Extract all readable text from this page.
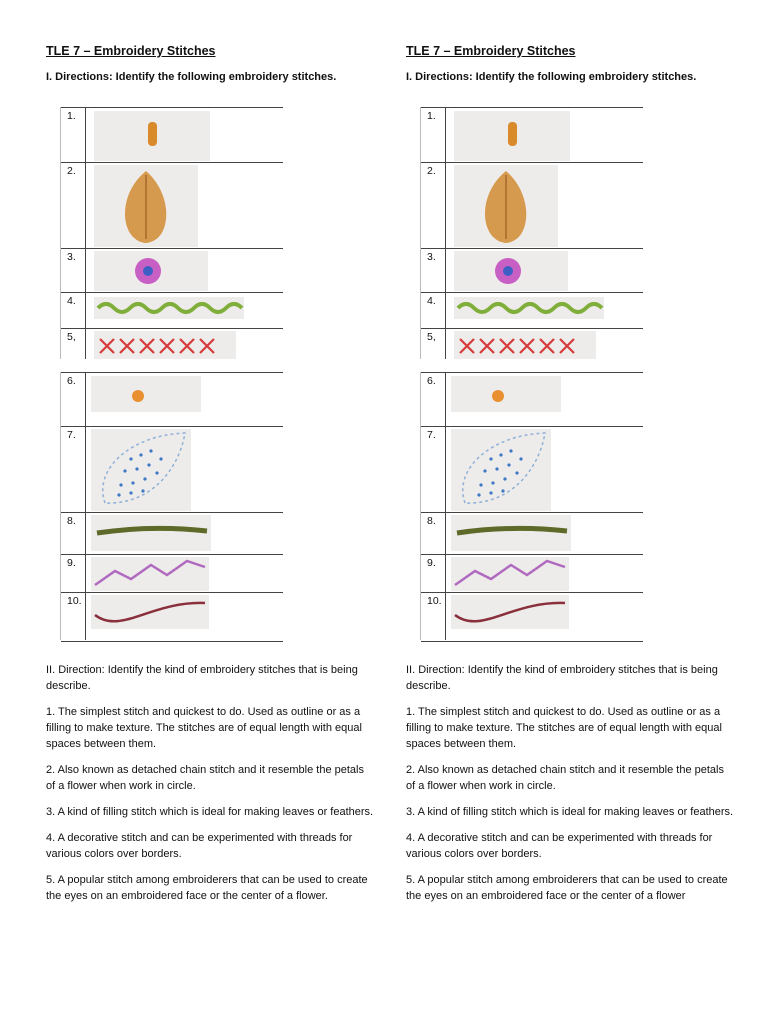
TLE 7 – Embroidery Stitches
I. Directions: Identify the following embroidery stitches.
1.
2.
3.
4.
5,
6.
7.
8.
9.
10.

II. Direction: Identify the kind of embroidery stitches that is being describe.

1. The simplest stitch and quickest to do. Used as outline or as a filling to make texture. The stitches are of equal length with equal spaces between them.

2. Also known as detached chain stitch and it resemble the petals of a flower when work in circle.

3. A kind of filling stitch which is ideal for making leaves or feathers.

4. A decorative stitch and can be experimented with threads for various colors over borders.

5. A popular stitch among embroiderers that can be used to create the eyes on an embroidered face or the center of a flower.

TLE 7 – Embroidery Stitches
I. Directions: Identify the following embroidery stitches.
1.
2.
3.
4.
5,
6.
7.
8.
9.
10.

II. Direction: Identify the kind of embroidery stitches that is being describe.

1. The simplest stitch and quickest to do. Used as outline or as a filling to make texture. The stitches are of equal length with equal spaces between them.

2. Also known as detached chain stitch and it resemble the petals of a flower when work in circle.

3. A kind of filling stitch which is ideal for making leaves or feathers.

4. A decorative stitch and can be experimented with threads for various colors over borders.

5. A popular stitch among embroiderers that can be used to create the eyes on an embroidered face or the center of a flower
